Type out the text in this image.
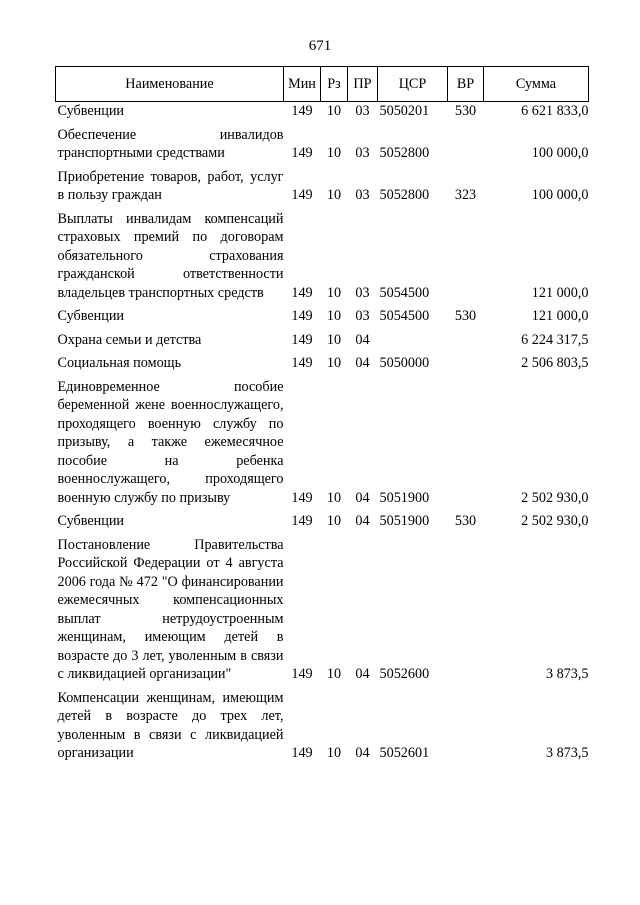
671
Наименование	Мин	Рз	ПР	ЦСР	ВР	Сумма
Субвенции	149	10	03	5050201	530	6 621 833,0
Обеспечение инвалидов транспортными средствами	149	10	03	5052800		100 000,0
Приобретение товаров, работ, услуг в пользу граждан	149	10	03	5052800	323	100 000,0
Выплаты инвалидам компенсаций страховых премий по договорам обязательного страхования гражданской ответственности владельцев транспортных средств	149	10	03	5054500		121 000,0
Субвенции	149	10	03	5054500	530	121 000,0
Охрана семьи и детства	149	10	04			6 224 317,5
Социальная помощь	149	10	04	5050000		2 506 803,5
Единовременное пособие беременной жене военнослужащего, проходящего военную службу по призыву, а также ежемесячное пособие на ребенка военнослужащего, проходящего военную службу по призыву	149	10	04	5051900		2 502 930,0
Субвенции	149	10	04	5051900	530	2 502 930,0
Постановление Правительства Российской Федерации от 4 августа 2006 года № 472 "О финансировании ежемесячных компенсационных выплат нетрудоустроенным женщинам, имеющим детей в возрасте до 3 лет, уволенным в связи с ликвидацией организации"	149	10	04	5052600		3 873,5
Компенсации женщинам, имеющим детей в возрасте до трех лет, уволенным в связи с ликвидацией организации	149	10	04	5052601		3 873,5
